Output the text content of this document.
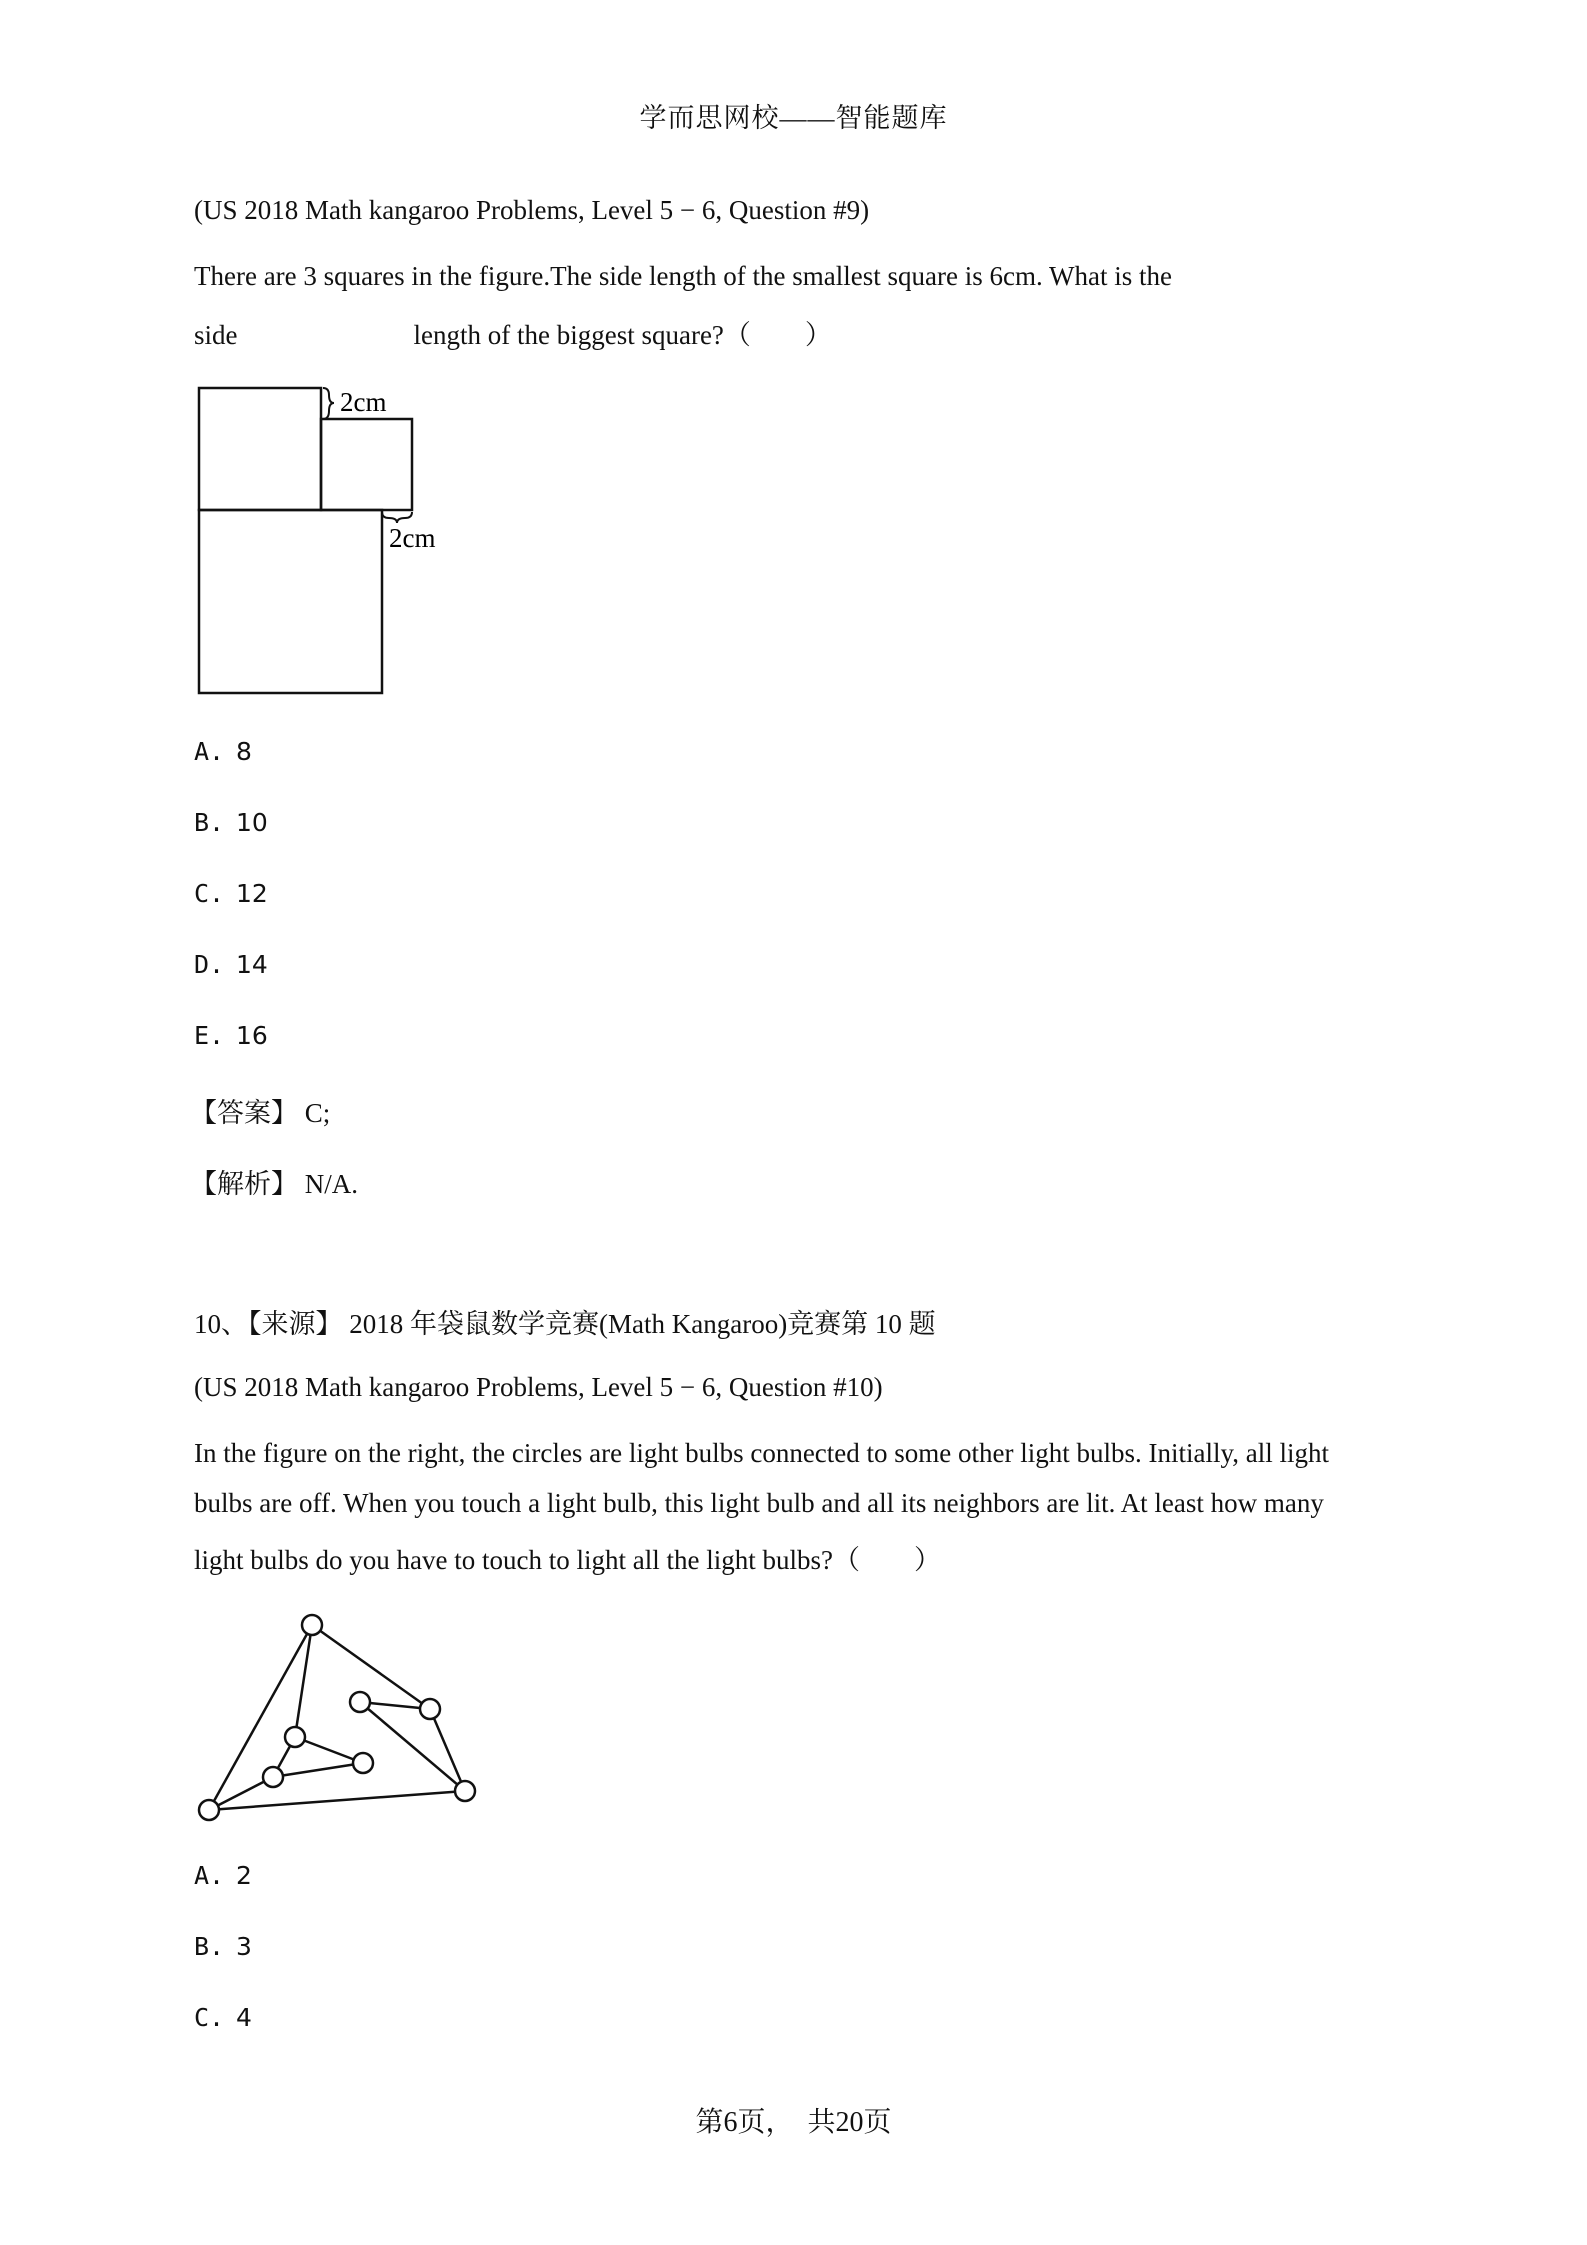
学而思网校——智能题库
(US 2018 Math kangaroo Problems, Level 5 − 6, Question #9)
There are 3 squares in the figure.The side length of the smallest square is 6cm. What is the
side	length of the biggest square?（　　）
2cm
2cm
A. 8
B. 10
C. 12
D. 14
E. 16
【答案】 C;
【解析】 N/A.
10、【来源】 2018 年袋鼠数学竞赛(Math Kangaroo)竞赛第 10 题
(US 2018 Math kangaroo Problems, Level 5 − 6, Question #10)
In the figure on the right, the circles are light bulbs connected to some other light bulbs. Initially, all light
bulbs are off. When you touch a light bulb, this light bulb and all its neighbors are lit. At least how many
light bulbs do you have to touch to light all the light bulbs?（　　）
A. 2
B. 3
C. 4
第6页，　共20页
